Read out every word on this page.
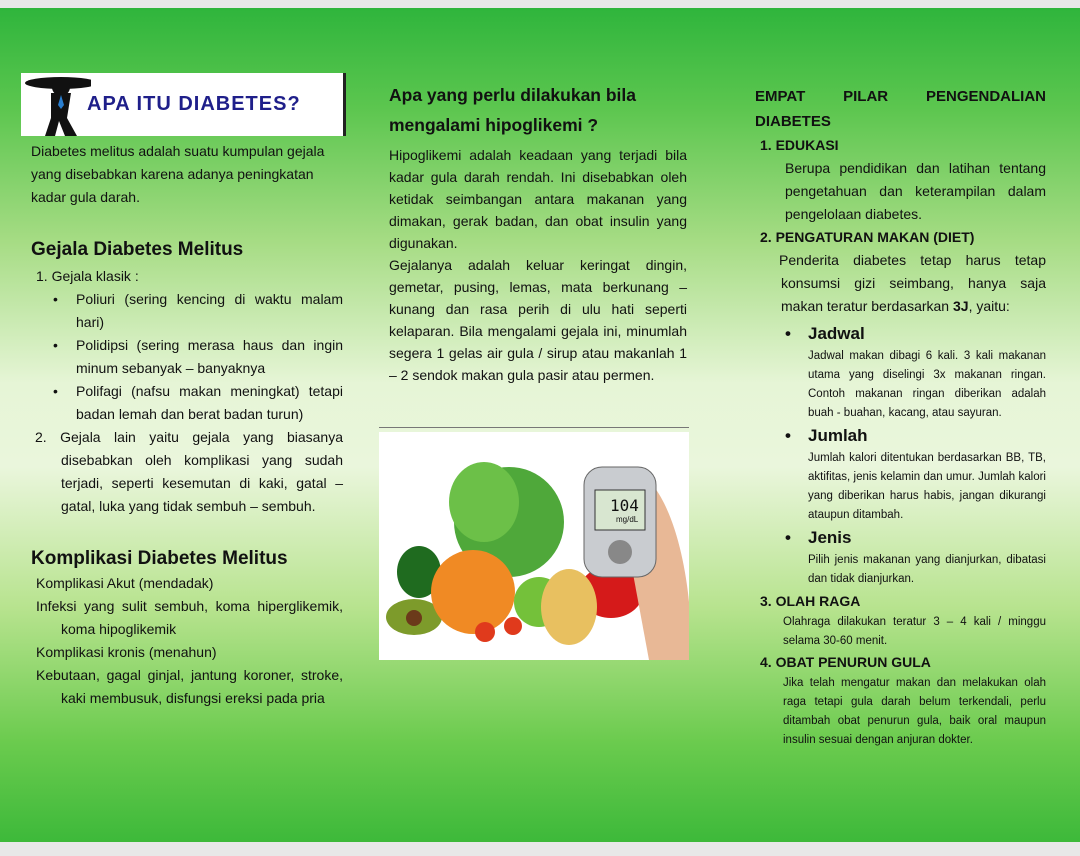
APA ITU DIABETES?

Diabetes melitus adalah suatu kumpulan gejala yang disebabkan karena adanya peningkatan kadar gula darah.

Gejala Diabetes Melitus

1. Gejala klasik :

• Poliuri (sering kencing di waktu malam hari)

• Polidipsi (sering merasa haus dan ingin minum sebanyak – banyaknya

• Polifagi (nafsu makan meningkat) tetapi badan lemah dan berat badan turun)

2. Gejala lain yaitu gejala yang biasanya disebabkan oleh komplikasi yang sudah terjadi, seperti kesemutan di kaki, gatal – gatal, luka yang tidak sembuh – sembuh.

Komplikasi Diabetes Melitus

Komplikasi Akut (mendadak)

Infeksi yang sulit sembuh, koma hiperglikemik, koma hipoglikemik

Komplikasi kronis (menahun)

Kebutaan, gagal ginjal, jantung koroner, stroke, kaki membusuk, disfungsi ereksi pada pria

Apa yang perlu dilakukan bila mengalami hipoglikemi ?

Hipoglikemi adalah keadaan yang terjadi bila kadar gula darah rendah. Ini disebabkan oleh ketidak seimbangan antara makanan yang dimakan, gerak badan, dan obat insulin yang digunakan.

Gejalanya adalah keluar keringat dingin, gemetar, pusing, lemas, mata berkunang – kunang dan rasa perih di ulu hati seperti kelaparan. Bila mengalami gejala ini, minumlah segera 1 gelas air gula / sirup atau makanlah 1 – 2 sendok makan gula pasir atau permen.

104
mg/dL

EMPAT PILAR PENGENDALIAN DIABETES

1. EDUKASI

Berupa pendidikan dan latihan tentang pengetahuan dan keterampilan dalam pengelolaan diabetes.

2. PENGATURAN MAKAN (DIET)

Penderita diabetes tetap harus tetap konsumsi gizi seimbang, hanya saja makan teratur berdasarkan 3J, yaitu:

• Jadwal

Jadwal makan dibagi 6 kali. 3 kali makanan utama yang diselingi 3x makanan ringan. Contoh makanan ringan diberikan adalah buah - buahan, kacang, atau sayuran.

• Jumlah

Jumlah kalori ditentukan berdasarkan BB, TB, aktifitas, jenis kelamin dan umur. Jumlah kalori yang diberikan harus habis, jangan dikurangi ataupun ditambah.

• Jenis

Pilih jenis makanan yang dianjurkan, dibatasi dan tidak dianjurkan.

3. OLAH RAGA

Olahraga dilakukan teratur 3 – 4 kali / minggu selama 30-60 menit.

4. OBAT PENURUN GULA

Jika telah mengatur makan dan melakukan olah raga tetapi gula darah belum terkendali, perlu ditambah obat penurun gula, baik oral maupun insulin sesuai dengan anjuran dokter.
